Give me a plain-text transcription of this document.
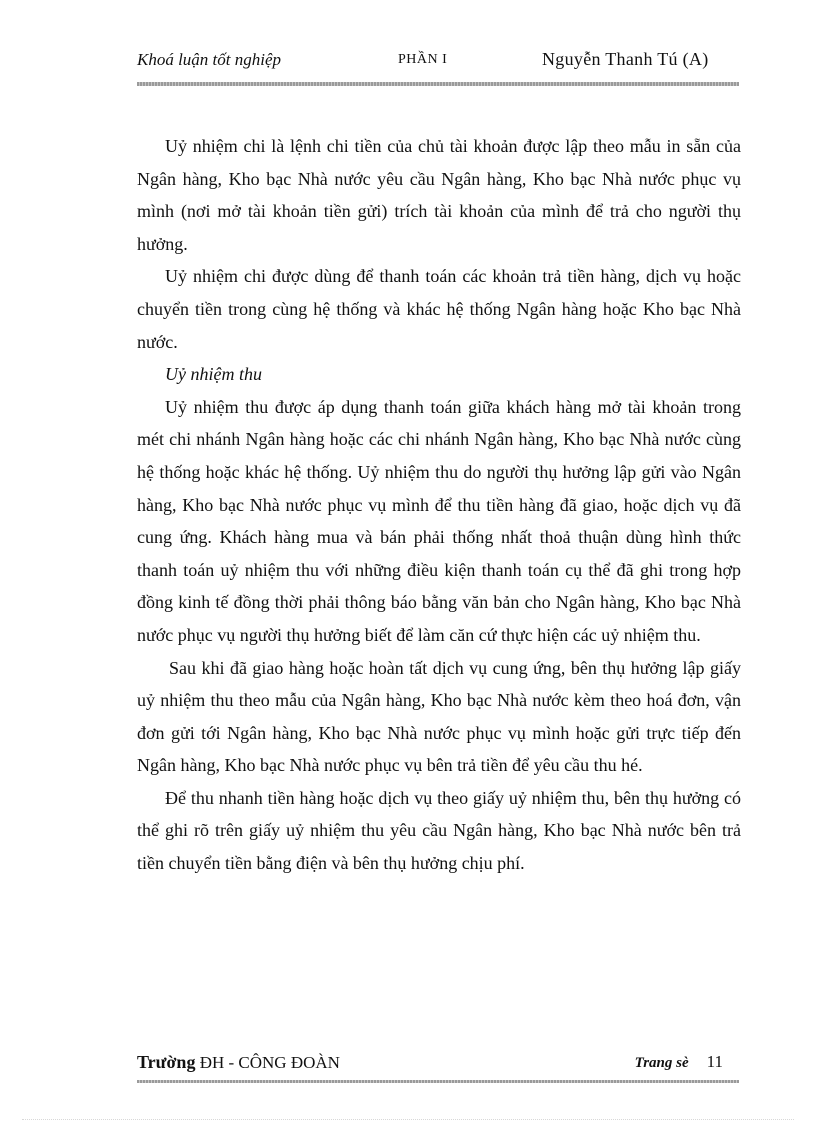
Khoá luận tốt nghiệp	PHẦN I	Nguyễn Thanh Tú (A)

Uỷ nhiệm chi là lệnh chi tiền của chủ tài khoản được lập theo mẫu in sẵn của Ngân hàng, Kho bạc Nhà nước yêu cầu Ngân hàng, Kho bạc Nhà nước phục vụ mình (nơi mở tài khoản tiền gửi) trích tài khoản của mình để trả cho người thụ hưởng.

Uỷ nhiệm chi được dùng để thanh toán các khoản trả tiền hàng, dịch vụ hoặc chuyển tiền trong cùng hệ thống và khác hệ thống Ngân hàng hoặc Kho bạc Nhà nước.

Uỷ nhiệm thu

Uỷ nhiệm thu được áp dụng thanh toán giữa khách hàng mở tài khoản trong mét chi nhánh Ngân hàng hoặc các chi nhánh Ngân hàng, Kho bạc Nhà nước cùng hệ thống hoặc khác hệ thống. Uỷ nhiệm thu do người thụ hưởng lập gửi vào Ngân hàng, Kho bạc Nhà nước phục vụ mình để thu tiền hàng đã giao, hoặc dịch vụ đã cung ứng. Khách hàng mua và bán phải thống nhất thoả thuận dùng hình thức thanh toán uỷ nhiệm thu với những điều kiện thanh toán cụ thể đã ghi trong hợp đồng kinh tế đồng thời phải thông báo bằng văn bản cho Ngân hàng, Kho bạc Nhà nước phục vụ người thụ hưởng biết để làm căn cứ thực hiện các uỷ nhiệm thu.

Sau khi đã giao hàng hoặc hoàn tất dịch vụ cung ứng, bên thụ hưởng lập giấy uỷ nhiệm thu theo mẫu của Ngân hàng, Kho bạc Nhà nước kèm theo hoá đơn, vận đơn gửi tới Ngân hàng, Kho bạc Nhà nước phục vụ mình hoặc gửi trực tiếp đến Ngân hàng, Kho bạc Nhà nước phục vụ bên trả tiền để yêu cầu thu hé.

Để thu nhanh tiền hàng hoặc dịch vụ theo giấy uỷ nhiệm thu, bên thụ hưởng có thể ghi rõ trên giấy uỷ nhiệm thu yêu cầu Ngân hàng, Kho bạc Nhà nước bên trả tiền chuyển tiền bằng điện và bên thụ hưởng chịu phí.

Trường ĐH - CÔNG ĐOÀN	Trang sè 11
